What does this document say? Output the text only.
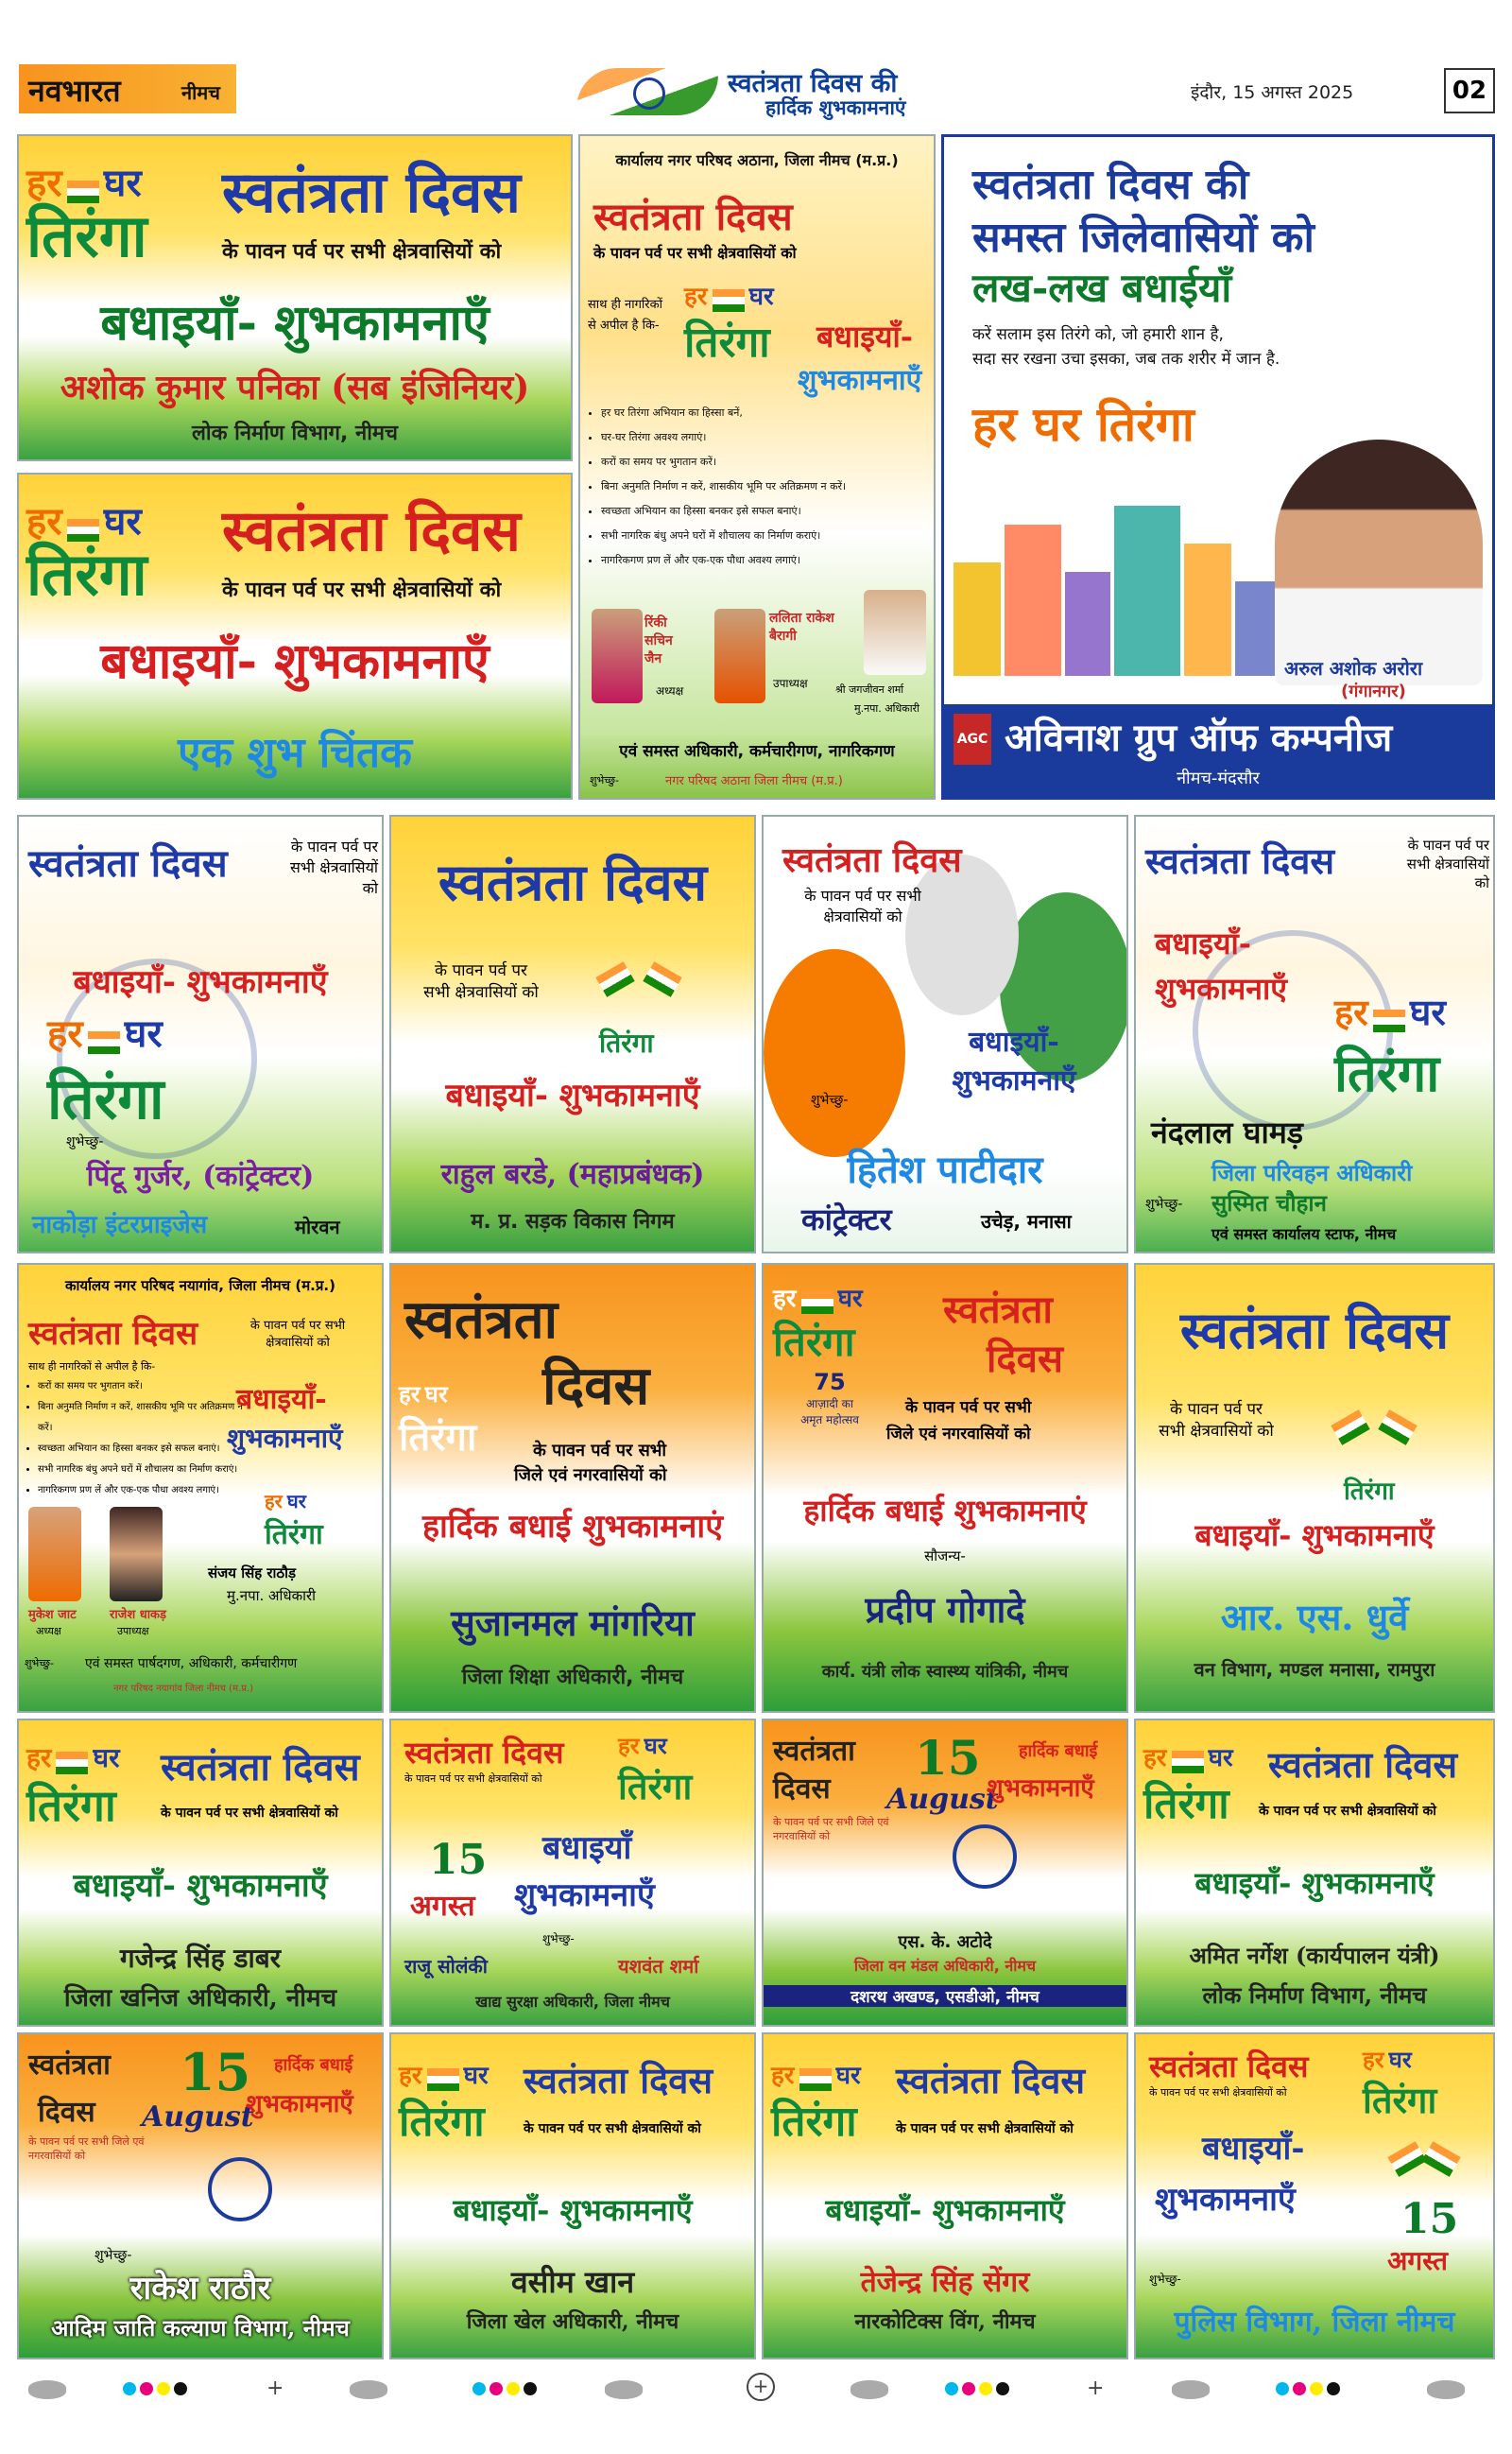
नवभारत	नीमच	स्वतंत्रता दिवस की
हार्दिक शुभकामनाएं
इंदौर, 15 अगस्त 2025	02
हर घर
तिरंगा
स्वतंत्रता दिवस
के पावन पर्व पर सभी क्षेत्रवासियों को
बधाइयाँ- शुभकामनाएँ
अशोक कुमार पनिका (सब इंजिनियर)
लोक निर्माण विभाग, नीमच
हर घर
तिरंगा
स्वतंत्रता दिवस
के पावन पर्व पर सभी क्षेत्रवासियों को
बधाइयाँ- शुभकामनाएँ
एक शुभ चिंतक
कार्यालय नगर परिषद अठाना, जिला नीमच (म.प्र.)
स्वतंत्रता दिवस
के पावन पर्व पर सभी क्षेत्रवासियों को
साथ ही नागरिकों से अपील है कि-
हर घर
तिरंगा बधाइयाँ-
शुभकामनाएँ
• हर घर तिरंगा अभियान का हिस्सा बनें,
• घर-घर तिरंगा अवश्य लगाएं।
• करों का समय पर भुगतान करें।
• बिना अनुमति निर्माण न करें, शासकीय भूमि पर अतिक्रमण न करें।
• स्वच्छता अभियान का हिस्सा बनकर इसे सफल बनाएं।
• सभी नागरिक बंधु अपने घरों में शौचालय का निर्माण कराएं।
• नागरिकगण प्रण लें और एक-एक पौधा अवश्य लगाएं।
रिंकी सचिन जैन
अध्यक्ष
ललिता राकेश बैरागी
उपाध्यक्ष	श्री जगजीवन शर्मा
मु.नपा. अधिकारी
एवं समस्त अधिकारी, कर्मचारीगण, नागरिकगण
शुभेच्छु-	नगर परिषद अठाना जिला नीमच (म.प्र.)
स्वतंत्रता दिवस की
समस्त जिलेवासियों को
लख-लख बधाईयाँ
करें सलाम इस तिरंगे को, जो हमारी शान है,
सदा सर रखना उचा इसका, जब तक शरीर में जान है.
हर घर तिरंगा
अरुल अशोक अरोरा
(गंगानगर)
AGC अविनाश ग्रुप ऑफ कम्पनीज
नीमच-मंदसौर
स्वतंत्रता दिवस	के पावन पर्व पर सभी क्षेत्रवासियों को
बधाइयाँ- शुभकामनाएँ
हर घर
तिरंगा
शुभेच्छु-
पिंटू गुर्जर, (कांट्रेक्टर)
नाकोड़ा इंटरप्राइजेस	मोरवन
स्वतंत्रता दिवस
के पावन पर्व पर सभी क्षेत्रवासियों को
तिरंगा
बधाइयाँ- शुभकामनाएँ
राहुल बरडे, (महाप्रबंधक)
म. प्र. सड़क विकास निगम
स्वतंत्रता दिवस
के पावन पर्व पर सभी क्षेत्रवासियों को
बधाइयाँ- शुभकामनाएँ
शुभेच्छु-
हितेश पाटीदार
कांट्रेक्टर	उचेड़, मनासा
स्वतंत्रता दिवस	के पावन पर्व पर सभी क्षेत्रवासियों को
बधाइयाँ- शुभकामनाएँ
हर घर
तिरंगा
नंदलाल घामड़
जिला परिवहन अधिकारी
शुभेच्छु- सुस्मित चौहान
एवं समस्त कार्यालय स्टाफ, नीमच
कार्यालय नगर परिषद नयागांव, जिला नीमच (म.प्र.)
स्वतंत्रता दिवस	के पावन पर्व पर सभी क्षेत्रवासियों को
साथ ही नागरिकों से अपील है कि-
• करों का समय पर भुगतान करें।
• बिना अनुमति निर्माण न करें, शासकीय भूमि पर अतिक्रमण न करें।
• स्वच्छता अभियान का हिस्सा बनकर इसे सफल बनाएं।
• सभी नागरिक बंधु अपने घरों में शौचालय का निर्माण कराएं।
• नागरिकगण प्रण लें और एक-एक पौधा अवश्य लगाएं।
बधाइयाँ-
शुभकामनाएँ
हर घर
तिरंगा
मुकेश जाट
अध्यक्ष
राजेश धाकड़
उपाध्यक्ष
संजय सिंह राठौड़
मु.नपा. अधिकारी
शुभेच्छु- एवं समस्त पार्षदगण, अधिकारी, कर्मचारीगण
नगर परिषद नयागांव जिला नीमच (म.प्र.)
स्वतंत्रता
दिवस
हर घर
तिरंगा	के पावन पर्व पर सभी
जिले एवं नगरवासियों को
हार्दिक बधाई शुभकामनाएं
सुजानमल मांगरिया
जिला शिक्षा अधिकारी, नीमच
हर घर
तिरंगा
स्वतंत्रता
दिवस
75
आज़ादी का
अमृत महोत्सव
के पावन पर्व पर सभी
जिले एवं नगरवासियों को
हार्दिक बधाई शुभकामनाएं
सौजन्य-
प्रदीप गोगादे
कार्य. यंत्री लोक स्वास्थ्य यांत्रिकी, नीमच
स्वतंत्रता दिवस
के पावन पर्व पर सभी क्षेत्रवासियों को
तिरंगा
बधाइयाँ- शुभकामनाएँ
आर. एस. धुर्वे
वन विभाग, मण्डल मनासा, रामपुरा
हर घर
तिरंगा
स्वतंत्रता दिवस
के पावन पर्व पर सभी क्षेत्रवासियों को
बधाइयाँ- शुभकामनाएँ
गजेन्द्र सिंह डाबर
जिला खनिज अधिकारी, नीमच
स्वतंत्रता दिवस
के पावन पर्व पर सभी क्षेत्रवासियों को
हर घर
तिरंगा
15
अगस्त
बधाइयाँ
शुभकामनाएँ
शुभेच्छु-
राजू सोलंकी	यशवंत शर्मा
खाद्य सुरक्षा अधिकारी, जिला नीमच
स्वतंत्रता
दिवस
15
August
हार्दिक बधाई
शुभकामनाएँ
के पावन पर्व पर सभी जिले एवं नगरवासियों को
एस. के. अटोदे
जिला वन मंडल अधिकारी, नीमच
दशरथ अखण्ड, एसडीओ, नीमच
हर घर
तिरंगा
स्वतंत्रता दिवस
के पावन पर्व पर सभी क्षेत्रवासियों को
बधाइयाँ- शुभकामनाएँ
अमित नर्गेश (कार्यपालन यंत्री)
लोक निर्माण विभाग, नीमच
स्वतंत्रता
दिवस
15
August
हार्दिक बधाई
शुभकामनाएँ
के पावन पर्व पर सभी जिले एवं नगरवासियों को
शुभेच्छु-
राकेश राठौर
आदिम जाति कल्याण विभाग, नीमच
हर घर
तिरंगा
स्वतंत्रता दिवस
के पावन पर्व पर सभी क्षेत्रवासियों को
बधाइयाँ- शुभकामनाएँ
वसीम खान
जिला खेल अधिकारी, नीमच
हर घर
तिरंगा
स्वतंत्रता दिवस
के पावन पर्व पर सभी क्षेत्रवासियों को
बधाइयाँ- शुभकामनाएँ
तेजेन्द्र सिंह सेंगर
नारकोटिक्स विंग, नीमच
स्वतंत्रता दिवस
के पावन पर्व पर सभी क्षेत्रवासियों को
हर घर
तिरंगा
बधाइयाँ-
शुभकामनाएँ	15
अगस्त
शुभेच्छु-
पुलिस विभाग, जिला नीमच
+	+	+
